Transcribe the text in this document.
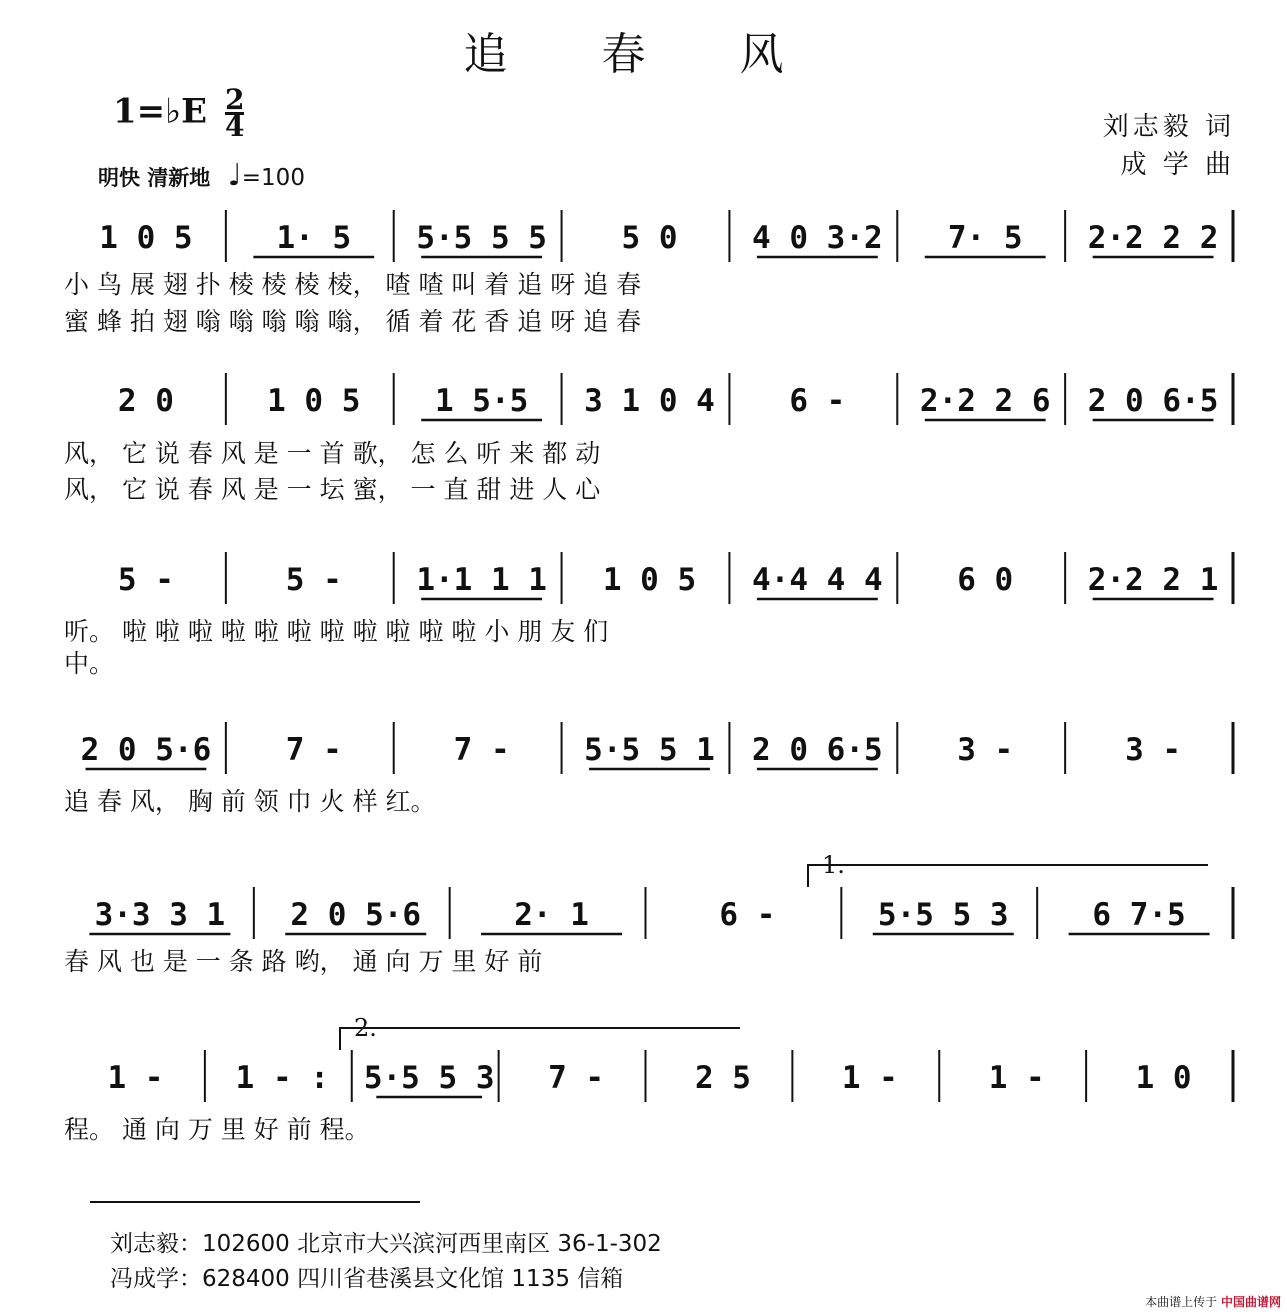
追 春 风
1=♭E $\frac{2}{4}$
明快 清新地 ♩=100
刘志毅 词
成 学 曲
1 0 5	1· 5 5·5 5 5 5 0 4 0 3·2 7· 5 2·2 2 2
小 鸟 展 翅 扑 棱 棱 棱 棱， 喳 喳 叫 着 追 呀 追 春
蜜 蜂 拍 翅 嗡 嗡 嗡 嗡 嗡， 循 着 花 香 追 呀 追 春
2 0	1 0 5 1 5·5 3 1 0 4 6 - 2·2 2 6 2 0 6·5
风， 它 说 春 风 是 一 首 歌， 怎 么 听 来 都 动
风， 它 说 春 风 是 一 坛 蜜， 一 直 甜 进 人 心
5 -	5 - 1·1 1 1 1 0 5 4·4 4 4 6 0 2·2 2 1
听。 啦 啦 啦 啦 啦 啦 啦 啦 啦 啦 啦 小 朋 友 们
中。
2 0 5·6 7 -	7 - 5·5 5 1 2 0 6·5 3 -	3 -
追 春 风， 胸 前 领 巾 火 样 红。
3·3 3 1 2 0 5·6	2· 1	6 -	5·5 5 3	6 7·5
1.
春 风 也 是 一 条 路 哟， 通 向 万 里 好 前
1 - 1 - : 5·5 5 3 7 -	2 5	1 -	1 -	1 0
2.
程。 通 向 万 里 好 前 程。
刘志毅：102600 北京市大兴滨河西里南区 36-1-302
冯成学：628400 四川省巷溪县文化馆 1135 信箱
本曲谱上传于 中国曲谱网
